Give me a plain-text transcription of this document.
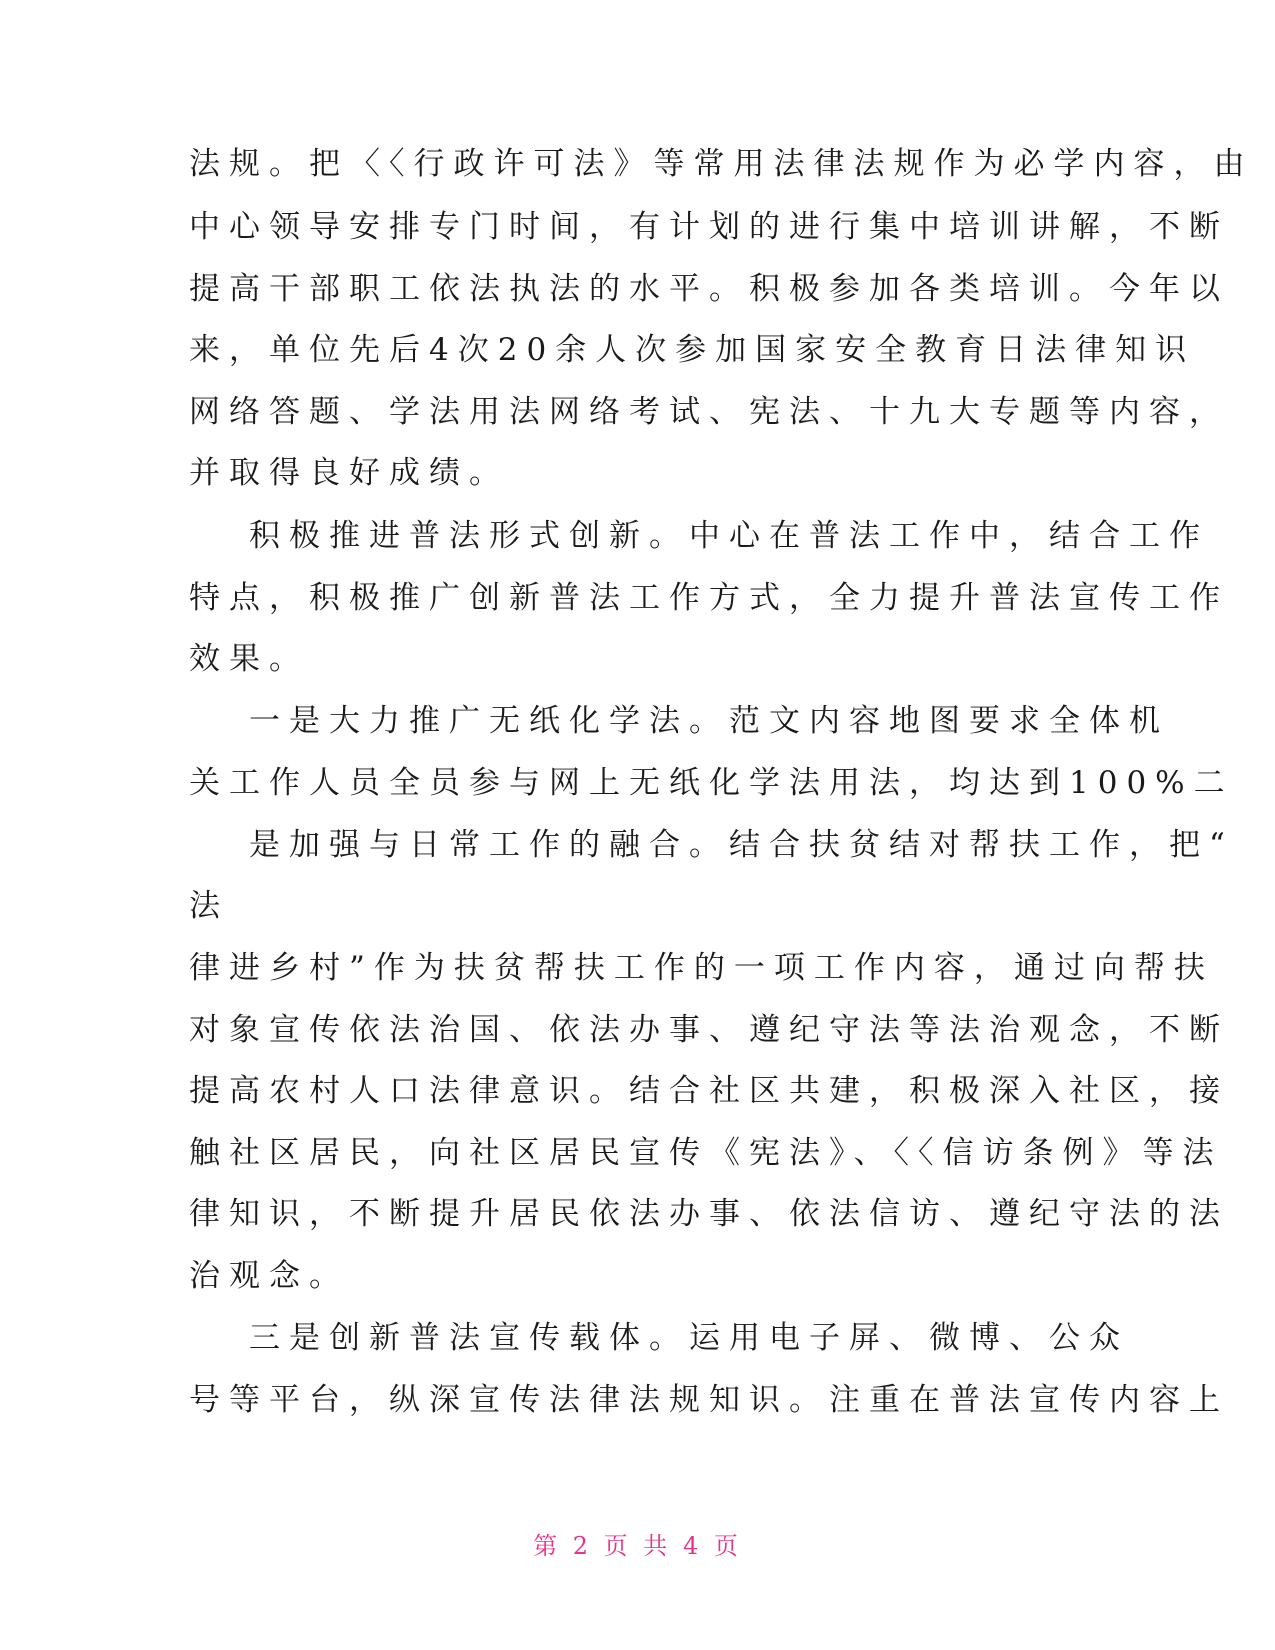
法规。把〈〈行政许可法》等常用法律法规作为必学内容，由
中心领导安排专门时间，有计划的进行集中培训讲解，不断
提高干部职工依法执法的水平。积极参加各类培训。今年以
来，单位先后4次20余人次参加国家安全教育日法律知识
网络答题、学法用法网络考试、宪法、十九大专题等内容，
并取得良好成绩。
积极推进普法形式创新。中心在普法工作中，结合工作
特点，积极推广创新普法工作方式，全力提升普法宣传工作
效果。
一是大力推广无纸化学法。范文内容地图要求全体机
关工作人员全员参与网上无纸化学法用法，均达到100%二
是加强与日常工作的融合。结合扶贫结对帮扶工作，把“
法
律进乡村”作为扶贫帮扶工作的一项工作内容，通过向帮扶
对象宣传依法治国、依法办事、遵纪守法等法治观念，不断
提高农村人口法律意识。结合社区共建，积极深入社区，接
触社区居民，向社区居民宣传《宪法》、〈〈信访条例》等法
律知识，不断提升居民依法办事、依法信访、遵纪守法的法
治观念。
三是创新普法宣传载体。运用电子屏、微博、公众
号等平台，纵深宣传法律法规知识。注重在普法宣传内容上
第 2 页 共 4 页
